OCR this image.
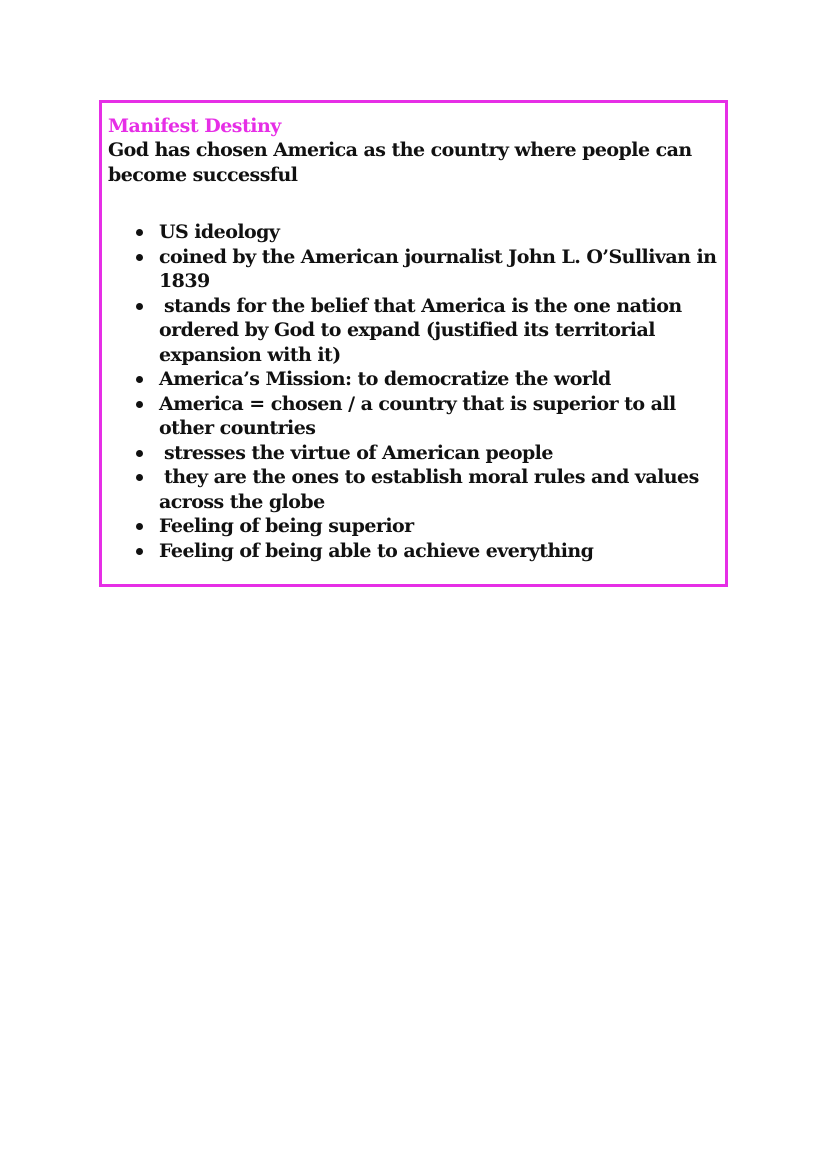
Manifest Destiny

God has chosen America as the country where people can become successful

US ideology
coined by the American journalist John L. O’Sullivan in 1839
stands for the belief that America is the one nation ordered by God to expand (justified its territorial expansion with it)
America’s Mission: to democratize the world
America = chosen / a country that is superior to all other countries
stresses the virtue of American people
they are the ones to establish moral rules and values across the globe
Feeling of being superior
Feeling of being able to achieve everything
